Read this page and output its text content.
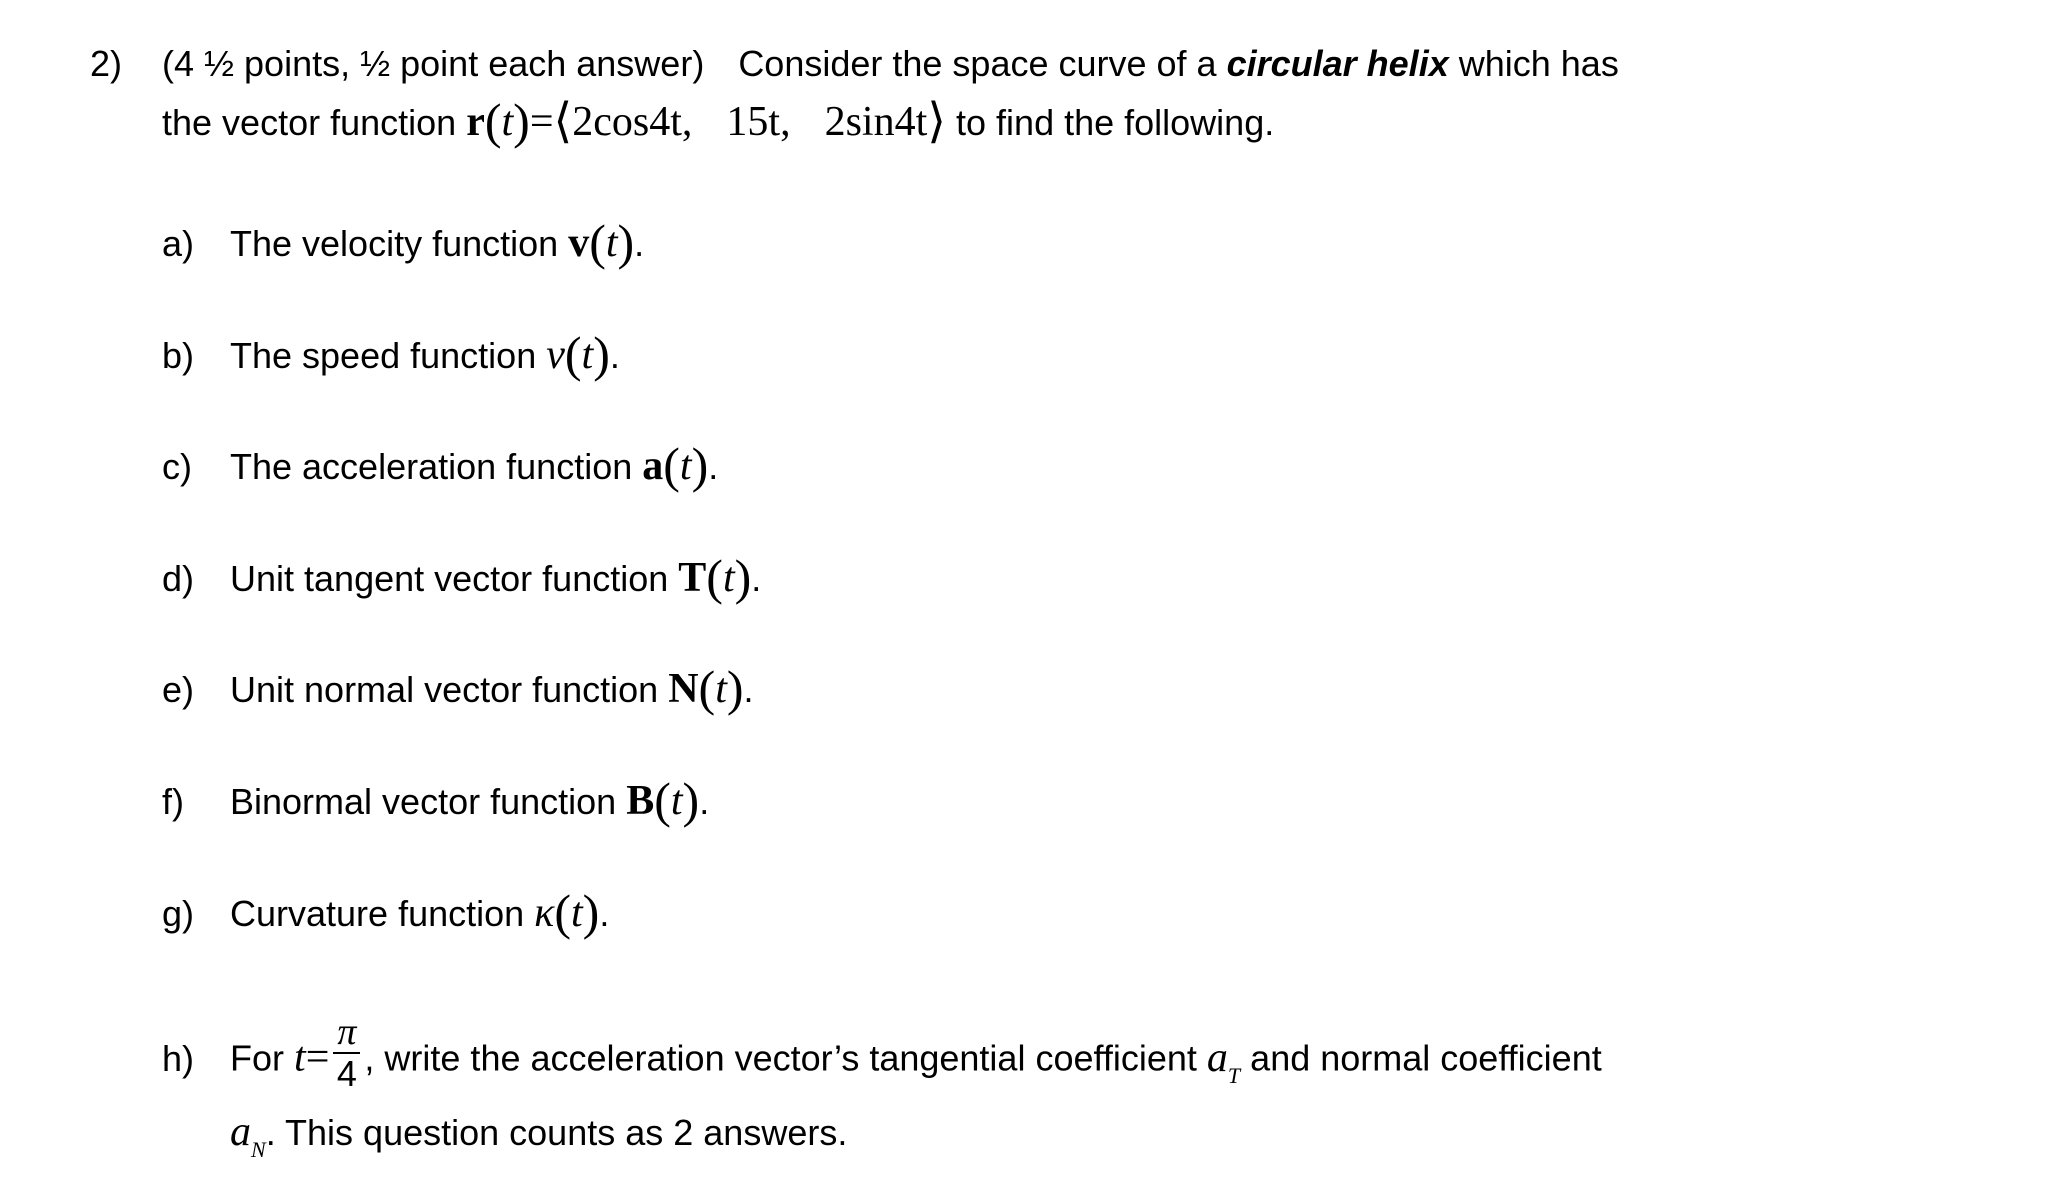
2) (4 ½ points, ½ point each answer) Consider the space curve of a circular helix which has
the vector function r(t)=⟨2cos4t, 15t, 2sin4t⟩ to find the following.
a) The velocity function v(t).
b) The speed function v(t).
c) The acceleration function a(t).
d) Unit tangent vector function T(t).
e) Unit normal vector function N(t).
f) Binormal vector function B(t).
g) Curvature function κ(t).
h) For $t= \frac{\pi}{4}$ , write the acceleration vector’s tangential coefficient $a_T$ and normal coefficient
$a_N$. This question counts as 2 answers.
